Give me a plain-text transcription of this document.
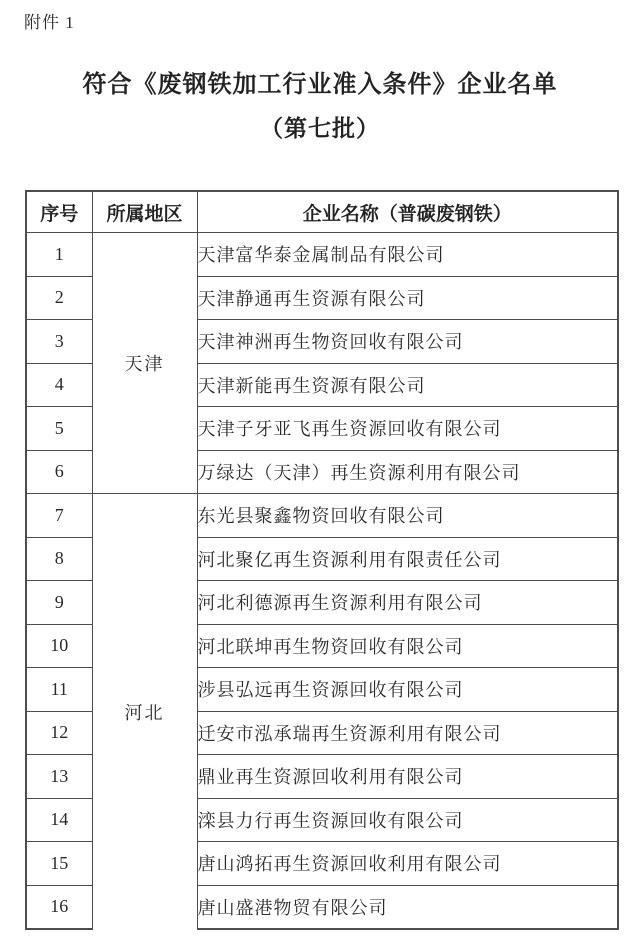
附件 1
符合《废钢铁加工行业准入条件》企业名单
（第七批）
序号	所属地区	企业名称（普碳废钢铁）
1	天津	天津富华泰金属制品有限公司
2		天津静通再生资源有限公司
3		天津神洲再生物资回收有限公司
4		天津新能再生资源有限公司
5		天津子牙亚飞再生资源回收有限公司
6		万绿达（天津）再生资源利用有限公司
7	河北	东光县聚鑫物资回收有限公司
8		河北聚亿再生资源利用有限责任公司
9		河北利德源再生资源利用有限公司
10		河北联坤再生物资回收有限公司
11		涉县弘远再生资源回收有限公司
12		迁安市泓承瑞再生资源利用有限公司
13		鼎业再生资源回收利用有限公司
14		滦县力行再生资源回收有限公司
15		唐山鸿拓再生资源回收利用有限公司
16		唐山盛港物贸有限公司
